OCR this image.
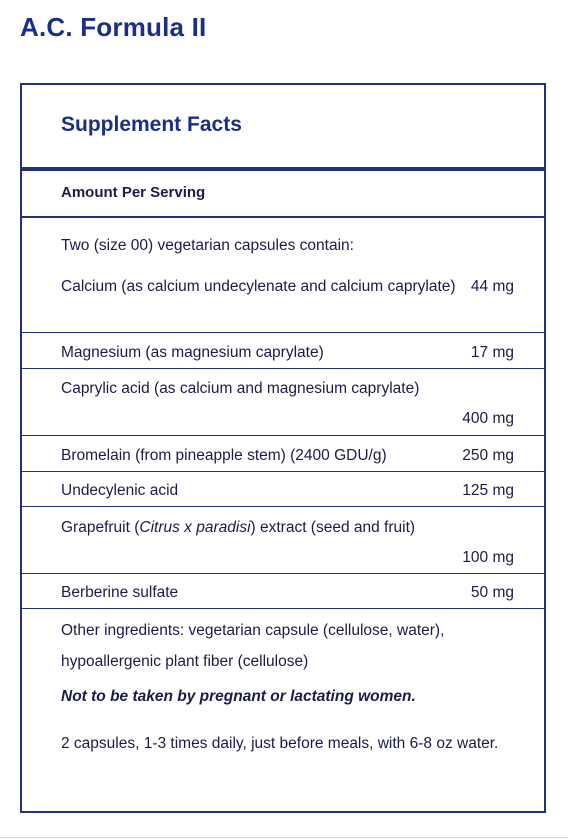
A.C. Formula II
Supplement Facts
Amount Per Serving
Two (size 00) vegetarian capsules contain:
Calcium (as calcium undecylenate and calcium caprylate) 44 mg
Magnesium (as magnesium caprylate)	17 mg
Caprylic acid (as calcium and magnesium caprylate)
400 mg
Bromelain (from pineapple stem) (2400 GDU/g)	250 mg
Undecylenic acid	125 mg
Grapefruit (Citrus x paradisi) extract (seed and fruit)
100 mg
Berberine sulfate	50 mg
Other ingredients: vegetarian capsule (cellulose, water), hypoallergenic plant fiber (cellulose)
Not to be taken by pregnant or lactating women.
2 capsules, 1-3 times daily, just before meals, with 6-8 oz water.
